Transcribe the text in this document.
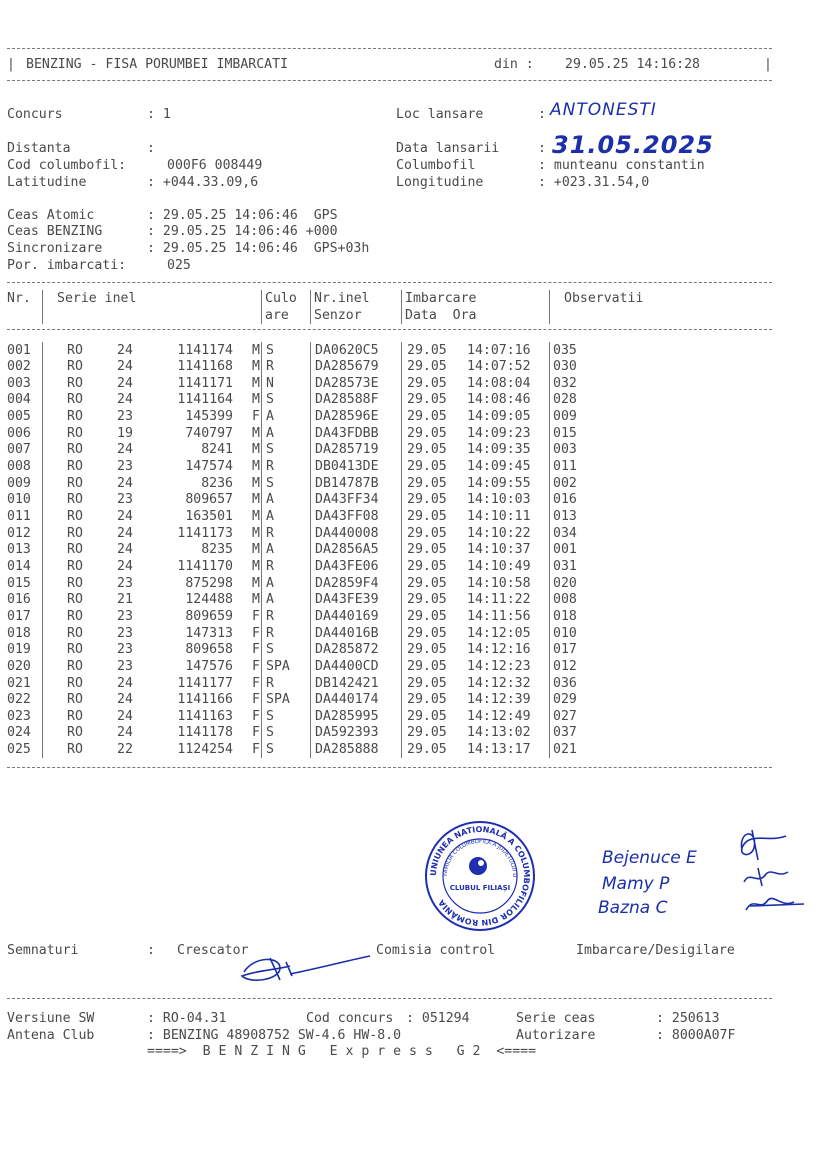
| BENZING - FISA PORUMBEI IMBARCATI	din : 29.05.25 14:16:28	|
Concurs	: 1	Loc lansare	: ANTONESTI
Distanta	:	Data lansarii	: 31.05.2025
Cod columbofil:	000F6 008449	Columbofil	: munteanu constantin
Latitudine	: +044.33.09,6	Longitudine	: +023.31.54,0
Ceas Atomic	: 29.05.25 14:06:46  GPS
Ceas BENZING	: 29.05.25 14:06:46 +000
Sincronizare	: 29.05.25 14:06:46  GPS+03h
Por. imbarcati:	025
Nr. Serie inel	Culo
are
Nr.inel
Senzor
Imbarcare
Data  Ora
Observatii
001	RO	24	1141174 M S	DA0620C5 29.05 14:07:16 035
002	RO	24	1141168 M R	DA285679 29.05 14:07:52 030
003	RO	24	1141171 M N	DA28573E 29.05 14:08:04 032
004	RO	24	1141164 M S	DA28588F 29.05 14:08:46 028
005	RO	23	145399 F A	DA28596E 29.05 14:09:05 009
006	RO	19	740797 M A	DA43FDBB 29.05 14:09:23 015
007	RO	24	8241 M S	DA285719 29.05 14:09:35 003
008	RO	23	147574 M R	DB0413DE 29.05 14:09:45 011
009	RO	24	8236 M S	DB14787B 29.05 14:09:55 002
010	RO	23	809657 M A	DA43FF34 29.05 14:10:03 016
011	RO	24	163501 M A	DA43FF08 29.05 14:10:11 013
012	RO	24	1141173 M R	DA440008 29.05 14:10:22 034
013	RO	24	8235 M A	DA2856A5 29.05 14:10:37 001
014	RO	24	1141170 M R	DA43FE06 29.05 14:10:49 031
015	RO	23	875298 M A	DA2859F4 29.05 14:10:58 020
016	RO	21	124488 M A	DA43FE39 29.05 14:11:22 008
017	RO	23	809659 F R	DA440169 29.05 14:11:56 018
018	RO	23	147313 F R	DA44016B 29.05 14:12:05 010
019	RO	23	809658 F S	DA285872 29.05 14:12:16 017
020	RO	23	147576 F SPA DA4400CD 29.05 14:12:23 012
021	RO	24	1141177 F R	DB142421 29.05 14:12:32 036
022	RO	24	1141166 F SPA DA440174 29.05 14:12:39 029
023	RO	24	1141163 F S	DA285995 29.05 14:12:49 027
024	RO	24	1141178 F S	DA592393 29.05 14:13:02 037
025	RO	22	1124254 F S	DA285888 29.05 14:13:17 021
UNIUNEA NATIONALĂ A COLUMBOFILILOR DIN ROMÂNIA
FAMILIA COLUMBOFILĂ A JUDEȚULUI D
CLUBUL FILIAȘI
Bejenuce E
Mamy P
Bazna C
Semnaturi	: Crescator	Comisia control	Imbarcare/Desigilare
Versiune SW	: RO-04.31	Cod concurs : 051294	Serie ceas	: 250613
Antena Club	: BENZING 48908752 SW-4.6 HW-8.0	Autorizare	: 8000A07F
====>  B E N Z I N G   E x p r e s s   G 2  <====
